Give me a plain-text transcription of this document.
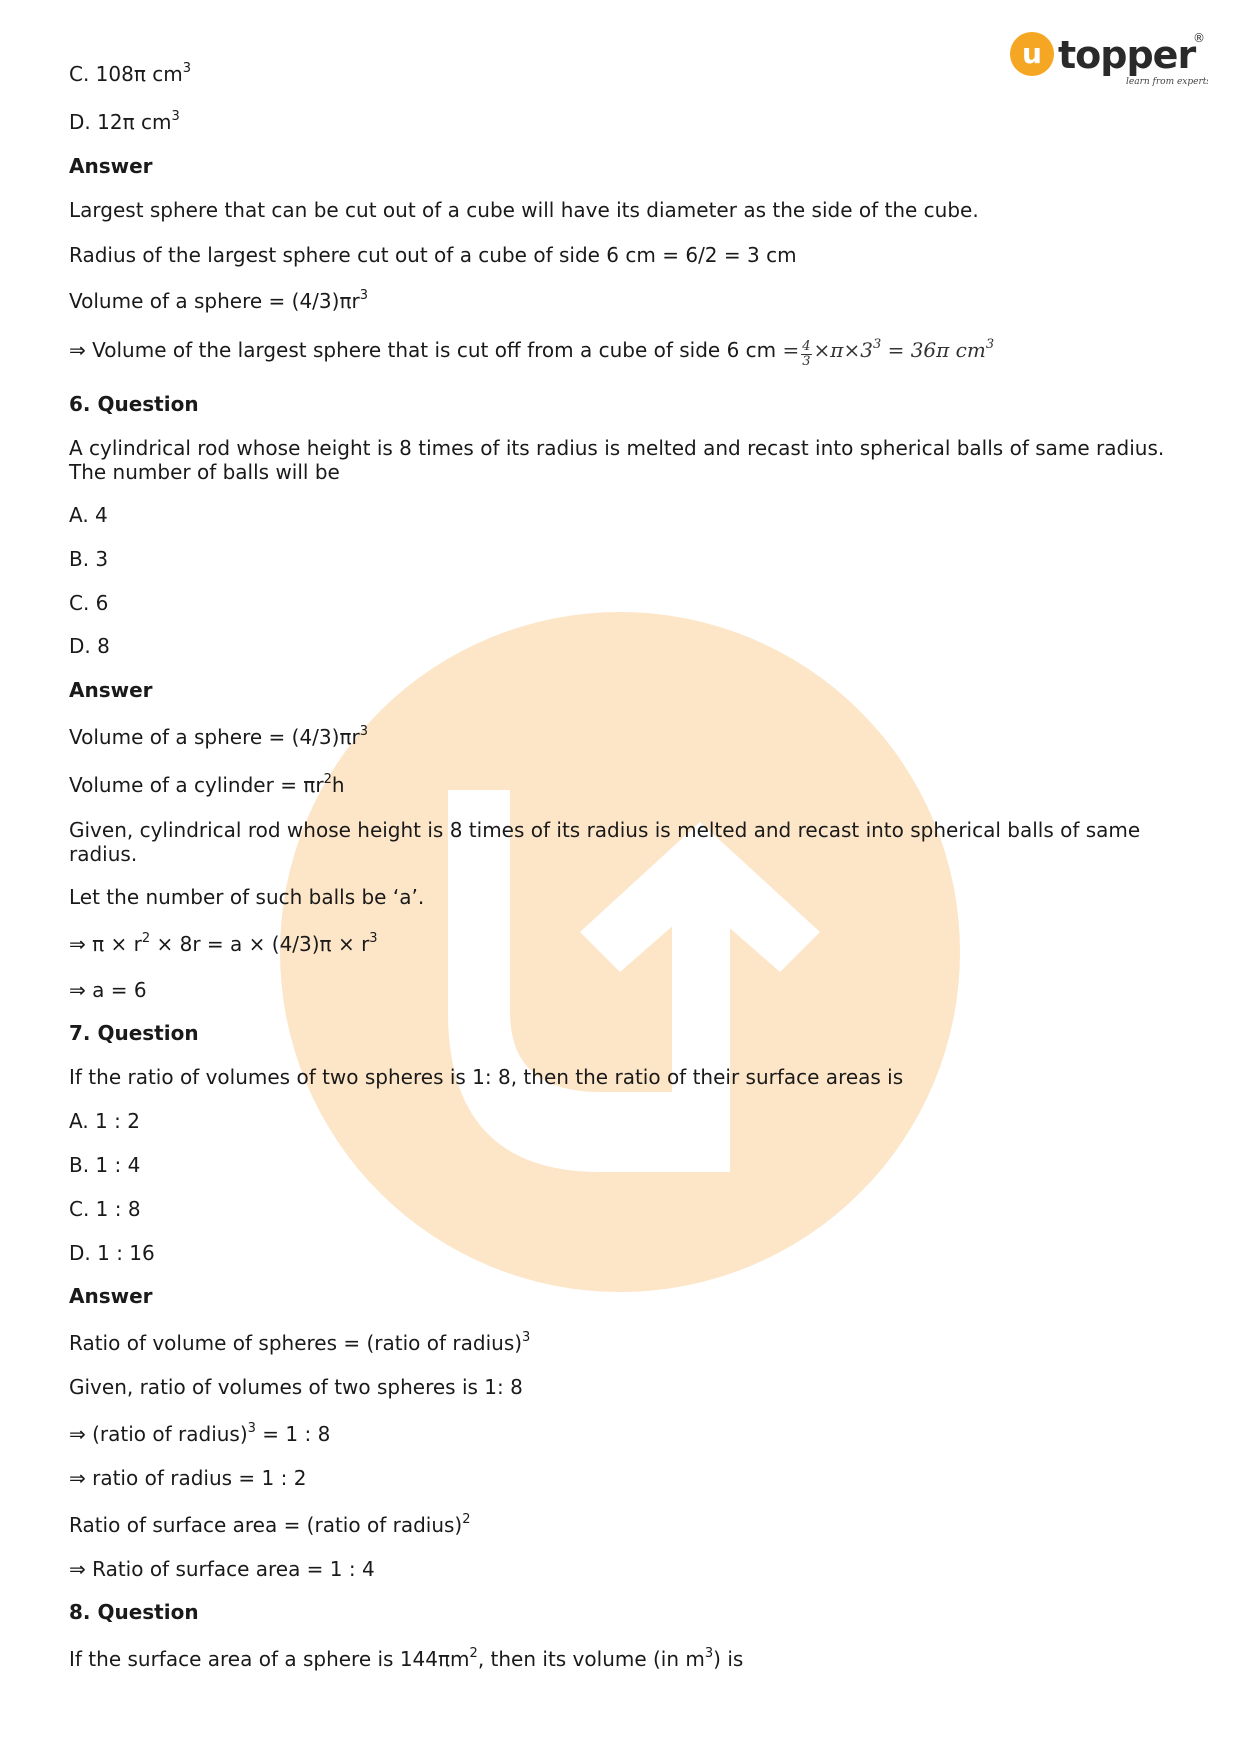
u topper
®
learn from experts
C. 108π $cm^3$
D. 12π $cm^3$
Answer
Largest sphere that can be cut out of a cube will have its diameter as the side of the cube.
Radius of the largest sphere cut out of a cube of side 6 cm = 6/2 = 3 cm
Volume of a sphere = $(4/3)\pi r^3$
⇒ Volume of the largest sphere that is cut off from a cube of side 6 cm = $\frac{4}{3} \times\pi\times 3^3 = 36\pi$ $cm^3$
6. Question
A cylindrical rod whose height is 8 times of its radius is melted and recast into spherical balls of same radius. The number of balls will be
A. 4
B. 3
C. 6
D. 8
Answer
Volume of a sphere = $(4/3)\pi r^3$
Volume of a cylinder = $\pi r^2h$
Given, cylindrical rod whose height is 8 times of its radius is melted and recast into spherical balls of same radius.
Let the number of such balls be ‘a’.
⇒ $\pi \times r^2 \times 8r = a \times (4/3)\pi \times r^3$
⇒ a = 6
7. Question
If the ratio of volumes of two spheres is 1: 8, then the ratio of their surface areas is
A. 1 : 2
B. 1 : 4
C. 1 : 8
D. 1 : 16
Answer
Ratio of volume of spheres = (ratio of radius)$^3$
Given, ratio of volumes of two spheres is 1: 8
⇒ (ratio of radius)$^3$ = 1 : 8
⇒ ratio of radius = 1 : 2
Ratio of surface area = (ratio of radius)$^2$
⇒ Ratio of surface area = 1 : 4
8. Question
If the surface area of a sphere is $144\pi m^2$, then its volume (in $m^3$) is
